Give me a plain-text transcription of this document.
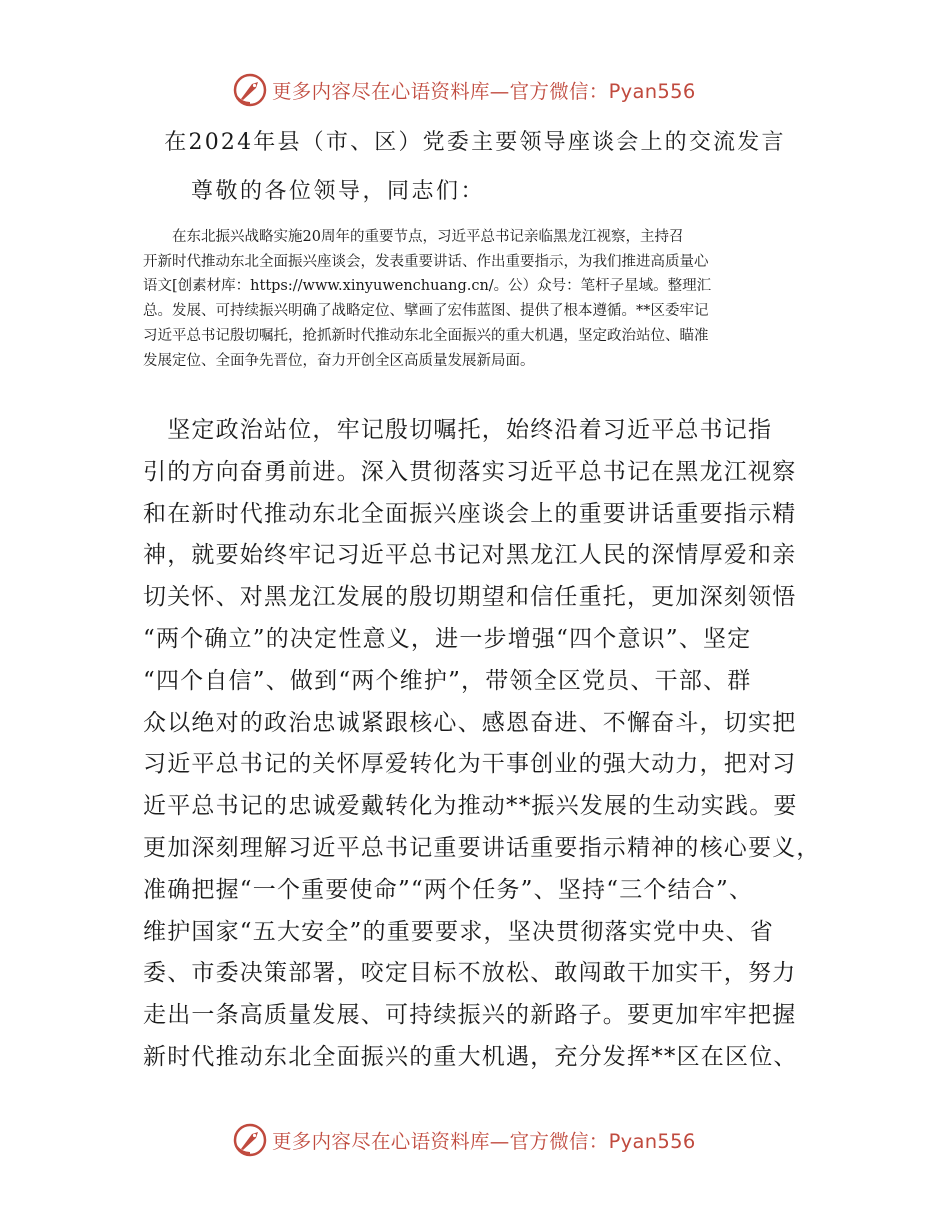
更多内容尽在心语资料库—官方微信：Pyan556
在2024年县（市、区）党委主要领导座谈会上的交流发言

尊敬的各位领导，同志们：

　　在东北振兴战略实施20周年的重要节点，习近平总书记亲临黑龙江视察，主持召
开新时代推动东北全面振兴座谈会，发表重要讲话、作出重要指示，为我们推进高质量心
语文[创素材库：https://www.xinyuwenchuang.cn/。公）众号：笔杆子星域。整理汇
总。发展、可持续振兴明确了战略定位、擘画了宏伟蓝图、提供了根本遵循。**区委牢记
习近平总书记殷切嘱托，抢抓新时代推动东北全面振兴的重大机遇，坚定政治站位、瞄准
发展定位、全面争先晋位，奋力开创全区高质量发展新局面。

　坚定政治站位，牢记殷切嘱托，始终沿着习近平总书记指
引的方向奋勇前进。深入贯彻落实习近平总书记在黑龙江视察
和在新时代推动东北全面振兴座谈会上的重要讲话重要指示精
神，就要始终牢记习近平总书记对黑龙江人民的深情厚爱和亲
切关怀、对黑龙江发展的殷切期望和信任重托，更加深刻领悟
“两个确立”的决定性意义，进一步增强“四个意识”、坚定
“四个自信”、做到“两个维护”，带领全区党员、干部、群
众以绝对的政治忠诚紧跟核心、感恩奋进、不懈奋斗，切实把
习近平总书记的关怀厚爱转化为干事创业的强大动力，把对习
近平总书记的忠诚爱戴转化为推动**振兴发展的生动实践。要
更加深刻理解习近平总书记重要讲话重要指示精神的核心要义，
准确把握“一个重要使命”“两个任务”、坚持“三个结合”、
维护国家“五大安全”的重要要求，坚决贯彻落实党中央、省
委、市委决策部署，咬定目标不放松、敢闯敢干加实干，努力
走出一条高质量发展、可持续振兴的新路子。要更加牢牢把握
新时代推动东北全面振兴的重大机遇，充分发挥**区在区位、

更多内容尽在心语资料库—官方微信：Pyan556
